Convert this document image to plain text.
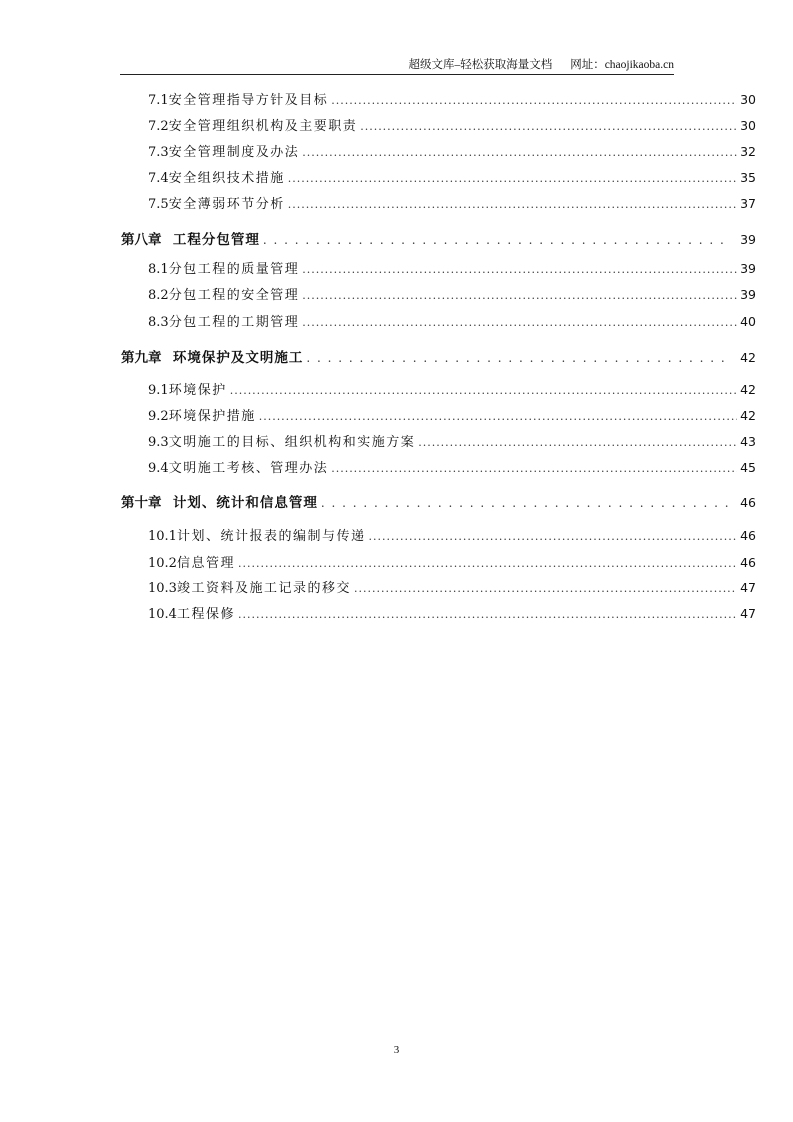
超级文库–轻松获取海量文档 网址：chaojikaoba.cn
7.1安全管理指导方针及目标 .....	30
7.2安全管理组织机构及主要职责 .....	30
7.3安全管理制度及办法 .....	32
7.4安全组织技术措施 .....	35
7.5安全薄弱环节分析 .....	37
第八章 工程分包管理 . . .	39
8.1分包工程的质量管理 .....	39
8.2分包工程的安全管理 .....	39
8.3分包工程的工期管理 .....	40
第九章 环境保护及文明施工 . . .	42
9.1环境保护 .....	42
9.2环境保护措施 .....	42
9.3文明施工的目标、组织机构和实施方案 .....	43
9.4文明施工考核、管理办法 .....	45
第十章 计划、统计和信息管理 . . .	46
10.1计划、统计报表的编制与传递 .....	46
10.2信息管理 .....	46
10.3竣工资料及施工记录的移交 .....	47
10.4工程保修 .....	47
3
